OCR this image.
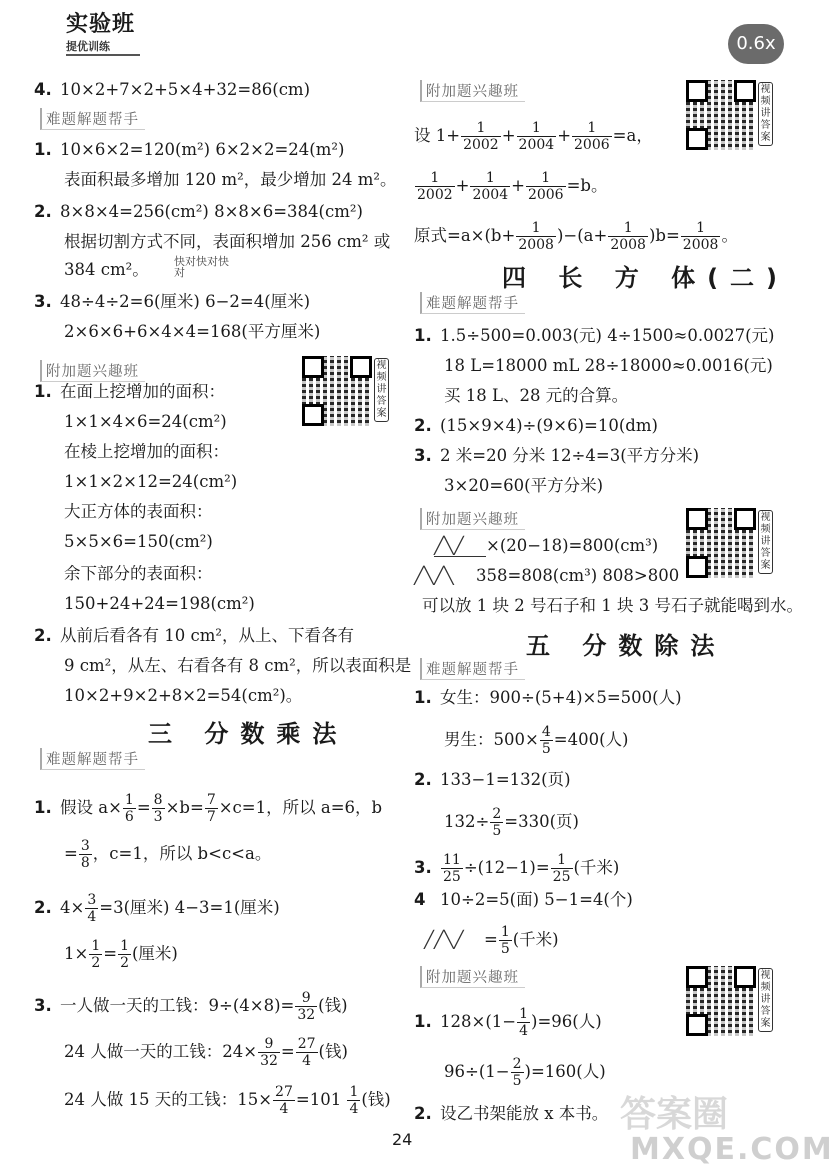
实验班
提优训练	0.6x
4. 10×2+7×2+5×4+32=86(cm)
难题解题帮手
1. 10×6×2=120(m²) 6×2×2=24(m²)
表面积最多增加 120 m²，最少增加 24 m²。
2. 8×8×4=256(cm²) 8×8×6=384(cm²)
根据切割方式不同，表面积增加 256 cm² 或
384 cm²。 快对快对快对
3. 48÷4÷2=6(厘米) 6−2=4(厘米)
2×6×6+6×4×4=168(平方厘米)
附加题兴趣班	视频讲答案
1. 在面上挖增加的面积：
1×1×4×6=24(cm²)
在棱上挖增加的面积：
1×1×2×12=24(cm²)
大正方体的表面积：
5×5×6=150(cm²)
余下部分的表面积：
150+24+24=198(cm²)
2. 从前后看各有 10 cm²，从上、下看各有
9 cm²，从左、右看各有 8 cm²，所以表面积是
10×2+9×2+8×2=54(cm²)。
三 分数乘法
难题解题帮手
1. 假设 $a\times \frac{1}{6} = \frac{8}{3} \times b= \frac{7}{7} \times c=1$，所以 a=6，b
= $\frac{3}{8}$ ，c=1，所以 b<c<a。
2. $4\times \frac{3}{4} =3$(厘米) 4−3=1(厘米)
$1\times \frac{1}{2} = \frac{1}{2}$ (厘米)
3. 一人做一天的工钱：$9\div(4\times 8)= \frac{9}{32}$ (钱)
24 人做一天的工钱：$24\times \frac{9}{32} = \frac{27}{4}$ (钱)
24 人做 15 天的工钱：$15\times \frac{27}{4} =101 \frac{1}{4}$ (钱)
附加题兴趣班	视频讲答案
设 $1+ \frac{1}{2002} + \frac{1}{2004} + \frac{1}{2006} =a$，
$\frac{1}{2002} + \frac{1}{2004} + \frac{1}{2006} =b$。
原式$=a\times(b+ \frac{1}{2008} )-(a+ \frac{1}{2008} )b= \frac{1}{2008}$ 。
四 长 方 体(二)
难题解题帮手
1. 1.5÷500=0.003(元) 4÷1500≈0.0027(元)
18 L=18000 mL 28÷18000≈0.0016(元)
买 18 L、28 元的合算。
2. (15×9×4)÷(9×6)=10(dm)
3. 2 米=20 分米 12÷4=3(平方分米)
3×20=60(平方分米)
附加题兴趣班	视频讲答案
╱╲╱ ×(20−18)=800(cm³)
╱╲╱╲ 358=808(cm³) 808>800
可以放 1 块 2 号石子和 1 块 3 号石子就能喝到水。
五 分数除法
难题解题帮手
1. 女生：900÷(5+4)×5=500(人)
男生：$500\times \frac{4}{5} =400$(人)
2. 133−1=132(页)
$132\div \frac{2}{5} =330$(页)
3. $\frac{11}{25} \div(12-1)= \frac{1}{25}$ (千米)
4 10÷2=5(面) 5−1=4(个)
╱╱╲╱ = $\frac{1}{5}$ (千米)
附加题兴趣班	视频讲答案
1. $128\times(1- \frac{1}{4} )=96$(人)
$96\div(1- \frac{2}{5} )=160$(人)
2. 设乙书架能放 x 本书。 答案圈
MXQE.COM
24
